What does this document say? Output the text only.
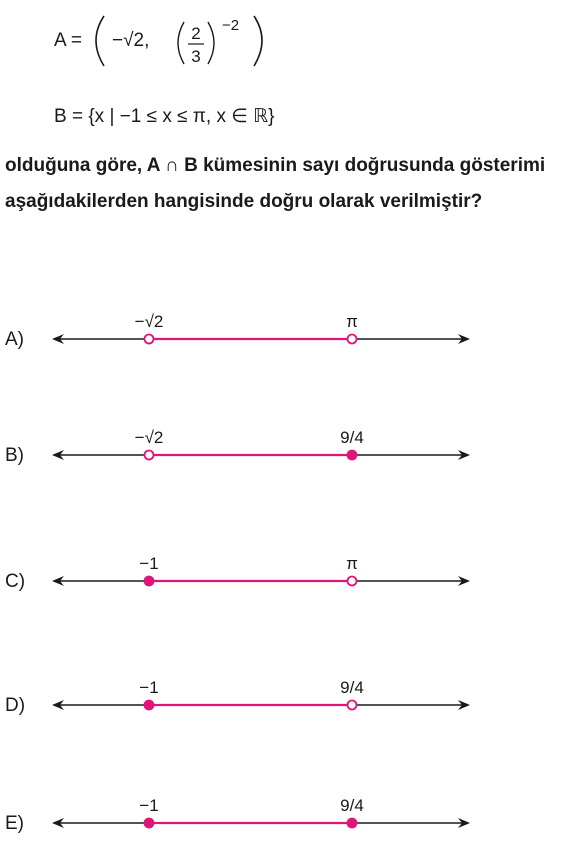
A = −√2, 2
3
−2
B = {x | −1 ≤ x ≤ π, x ∈ ℝ}

olduğuna göre, A ∩ B kümesinin sayı doğrusunda gösterimi aşağıdakilerden hangisinde doğru olarak verilmiştir?

A)
−√2	π
B)
−√2	9/4
C)
−1	π
D)
−1	9/4
E)
−1	9/4
